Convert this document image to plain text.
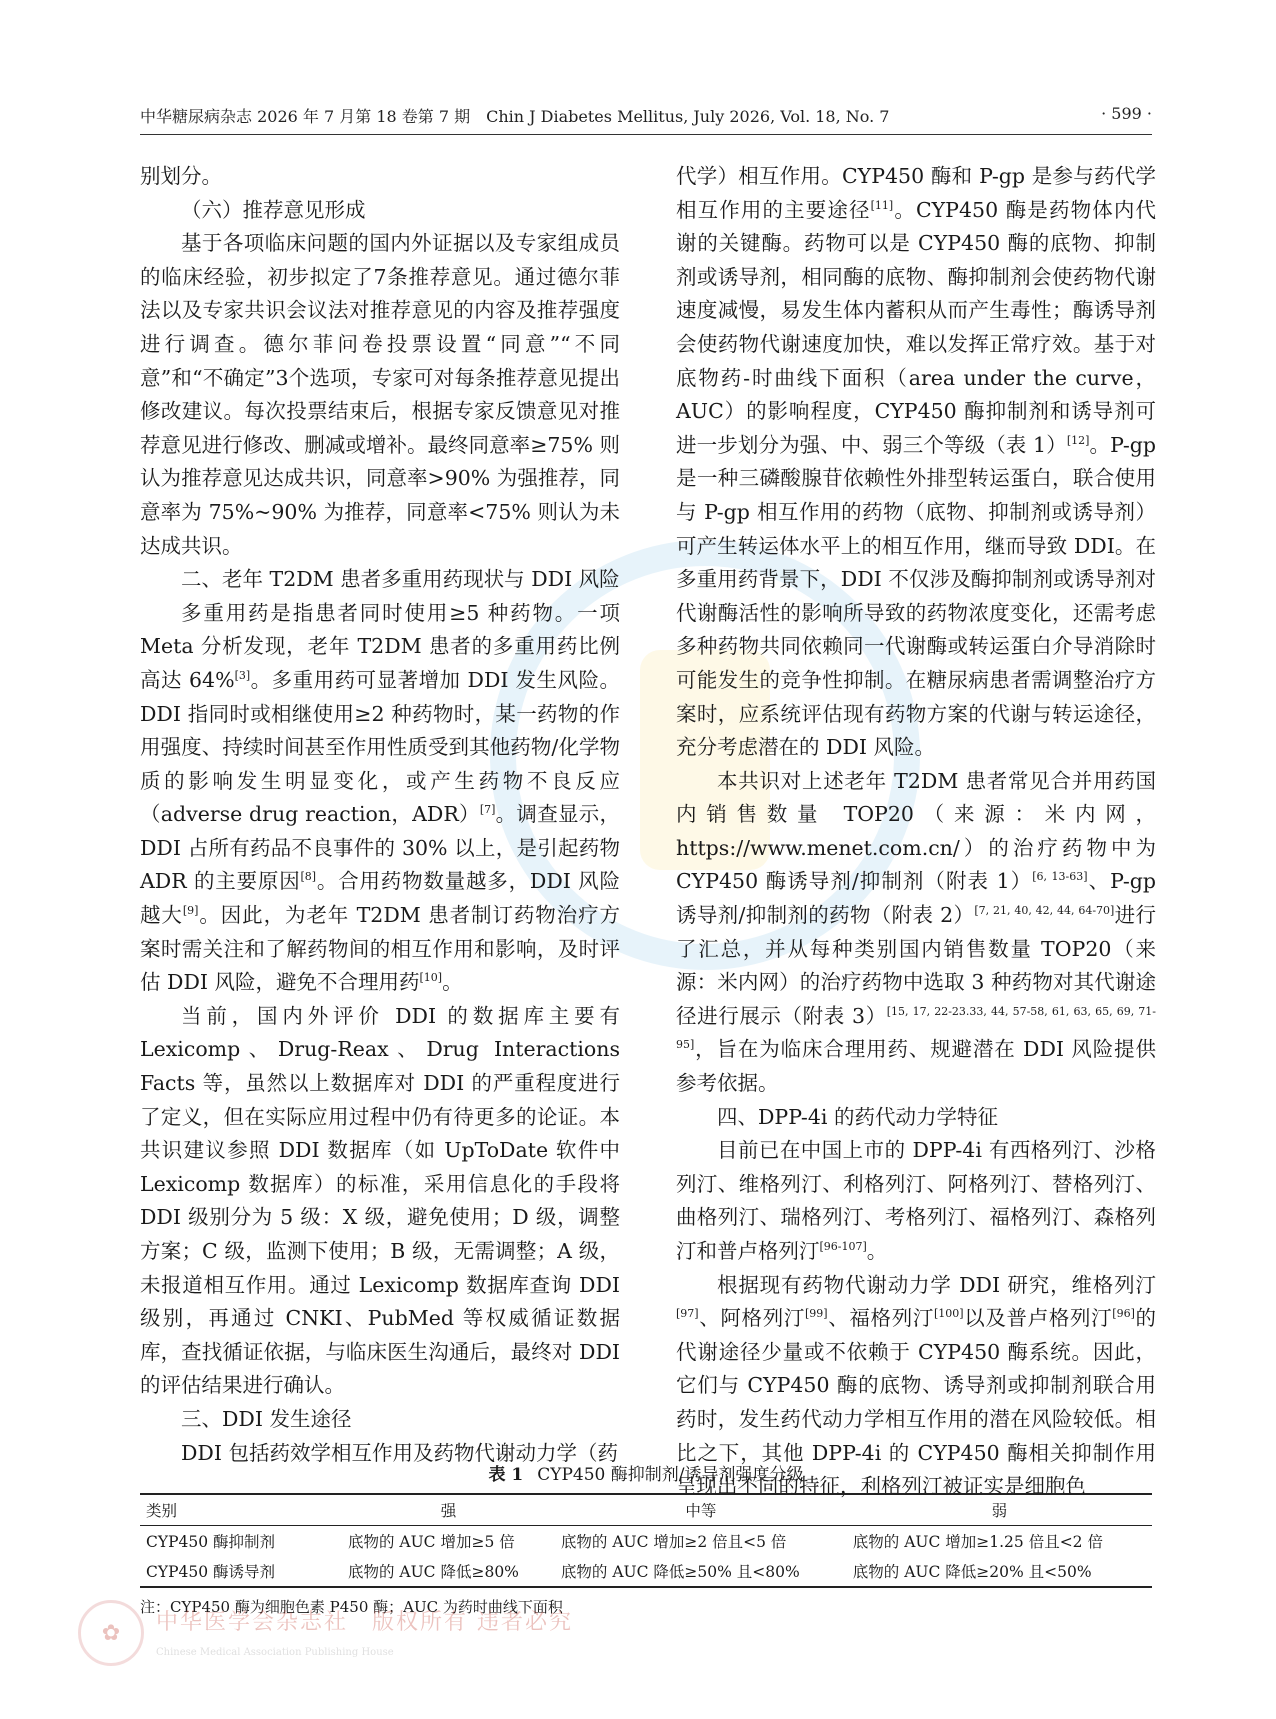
中华糖尿病杂志 2026 年 7 月第 18 卷第 7 期　Chin J Diabetes Mellitus, July 2026, Vol. 18, No. 7	· 599 ·

别划分。

（六）推荐意见形成

基于各项临床问题的国内外证据以及专家组成员的临床经验，初步拟定了7条推荐意见。通过德尔菲法以及专家共识会议法对推荐意见的内容及推荐强度进行调查。德尔菲问卷投票设置“同意”“不同意”和“不确定”3个选项，专家可对每条推荐意见提出修改建议。每次投票结束后，根据专家反馈意见对推荐意见进行修改、删减或增补。最终同意率≥75% 则认为推荐意见达成共识，同意率>90% 为强推荐，同意率为 75%~90% 为推荐，同意率<75% 则认为未达成共识。

二、老年 T2DM 患者多重用药现状与 DDI 风险

多重用药是指患者同时使用≥5 种药物。一项 Meta 分析发现，老年 T2DM 患者的多重用药比例高达 64%[3]。多重用药可显著增加 DDI 发生风险。DDI 指同时或相继使用≥2 种药物时，某一药物的作用强度、持续时间甚至作用性质受到其他药物/化学物质的影响发生明显变化，或产生药物不良反应（adverse drug reaction，ADR）[7]。调查显示，DDI 占所有药品不良事件的 30% 以上，是引起药物 ADR 的主要原因[8]。合用药物数量越多，DDI 风险越大[9]。因此，为老年 T2DM 患者制订药物治疗方案时需关注和了解药物间的相互作用和影响，及时评估 DDI 风险，避免不合理用药[10]。

当前，国内外评价 DDI 的数据库主要有 Lexicomp、Drug-Reax、Drug Interactions Facts 等，虽然以上数据库对 DDI 的严重程度进行了定义，但在实际应用过程中仍有待更多的论证。本共识建议参照 DDI 数据库（如 UpToDate 软件中 Lexicomp 数据库）的标准，采用信息化的手段将 DDI 级别分为 5 级：X 级，避免使用；D 级，调整方案；C 级，监测下使用；B 级，无需调整；A 级，未报道相互作用。通过 Lexicomp 数据库查询 DDI 级别，再通过 CNKI、PubMed 等权威循证数据库，查找循证依据，与临床医生沟通后，最终对 DDI 的评估结果进行确认。

三、DDI 发生途径

DDI 包括药效学相互作用及药物代谢动力学（药

代学）相互作用。CYP450 酶和 P-gp 是参与药代学相互作用的主要途径[11]。CYP450 酶是药物体内代谢的关键酶。药物可以是 CYP450 酶的底物、抑制剂或诱导剂，相同酶的底物、酶抑制剂会使药物代谢速度减慢，易发生体内蓄积从而产生毒性；酶诱导剂会使药物代谢速度加快，难以发挥正常疗效。基于对底物药-时曲线下面积（area under the curve，AUC）的影响程度，CYP450 酶抑制剂和诱导剂可进一步划分为强、中、弱三个等级（表 1）[12]。P-gp 是一种三磷酸腺苷依赖性外排型转运蛋白，联合使用与 P-gp 相互作用的药物（底物、抑制剂或诱导剂）可产生转运体水平上的相互作用，继而导致 DDI。在多重用药背景下，DDI 不仅涉及酶抑制剂或诱导剂对代谢酶活性的影响所导致的药物浓度变化，还需考虑多种药物共同依赖同一代谢酶或转运蛋白介导消除时可能发生的竞争性抑制。在糖尿病患者需调整治疗方案时，应系统评估现有药物方案的代谢与转运途径，充分考虑潜在的 DDI 风险。

本共识对上述老年 T2DM 患者常见合并用药国内销售数量 TOP20（来源：米内网，https://www.menet.com.cn/）的治疗药物中为 CYP450 酶诱导剂/抑制剂（附表 1）[6, 13-63]、P-gp 诱导剂/抑制剂的药物（附表 2）[7, 21, 40, 42, 44, 64-70]进行了汇总，并从每种类别国内销售数量 TOP20（来源：米内网）的治疗药物中选取 3 种药物对其代谢途径进行展示（附表 3）[15, 17, 22-23.33, 44, 57-58, 61, 63, 65, 69, 71-95]，旨在为临床合理用药、规避潜在 DDI 风险提供参考依据。

四、DPP-4i 的药代动力学特征

目前已在中国上市的 DPP-4i 有西格列汀、沙格列汀、维格列汀、利格列汀、阿格列汀、替格列汀、曲格列汀、瑞格列汀、考格列汀、福格列汀、森格列汀和普卢格列汀[96-107]。

根据现有药物代谢动力学 DDI 研究，维格列汀[97]、阿格列汀[99]、福格列汀[100]以及普卢格列汀[96]的代谢途径少量或不依赖于 CYP450 酶系统。因此，它们与 CYP450 酶的底物、诱导剂或抑制剂联合用药时，发生药代动力学相互作用的潜在风险较低。相比之下，其他 DPP-4i 的 CYP450 酶相关抑制作用呈现出不同的特征，利格列汀被证实是细胞色

表 1 CYP450 酶抑制剂/诱导剂强度分级
类别	强	中等	弱
CYP450 酶抑制剂	底物的 AUC 增加≥5 倍	底物的 AUC 增加≥2 倍且<5 倍	底物的 AUC 增加≥1.25 倍且<2 倍
CYP450 酶诱导剂	底物的 AUC 降低≥80%	底物的 AUC 降低≥50% 且<80%	底物的 AUC 降低≥20% 且<50%
注：CYP450 酶为细胞色素 P450 酶；AUC 为药时曲线下面积
✿	中华医学会杂志社　 版权所有 违者必究
Chinese Medical Association Publishing House
